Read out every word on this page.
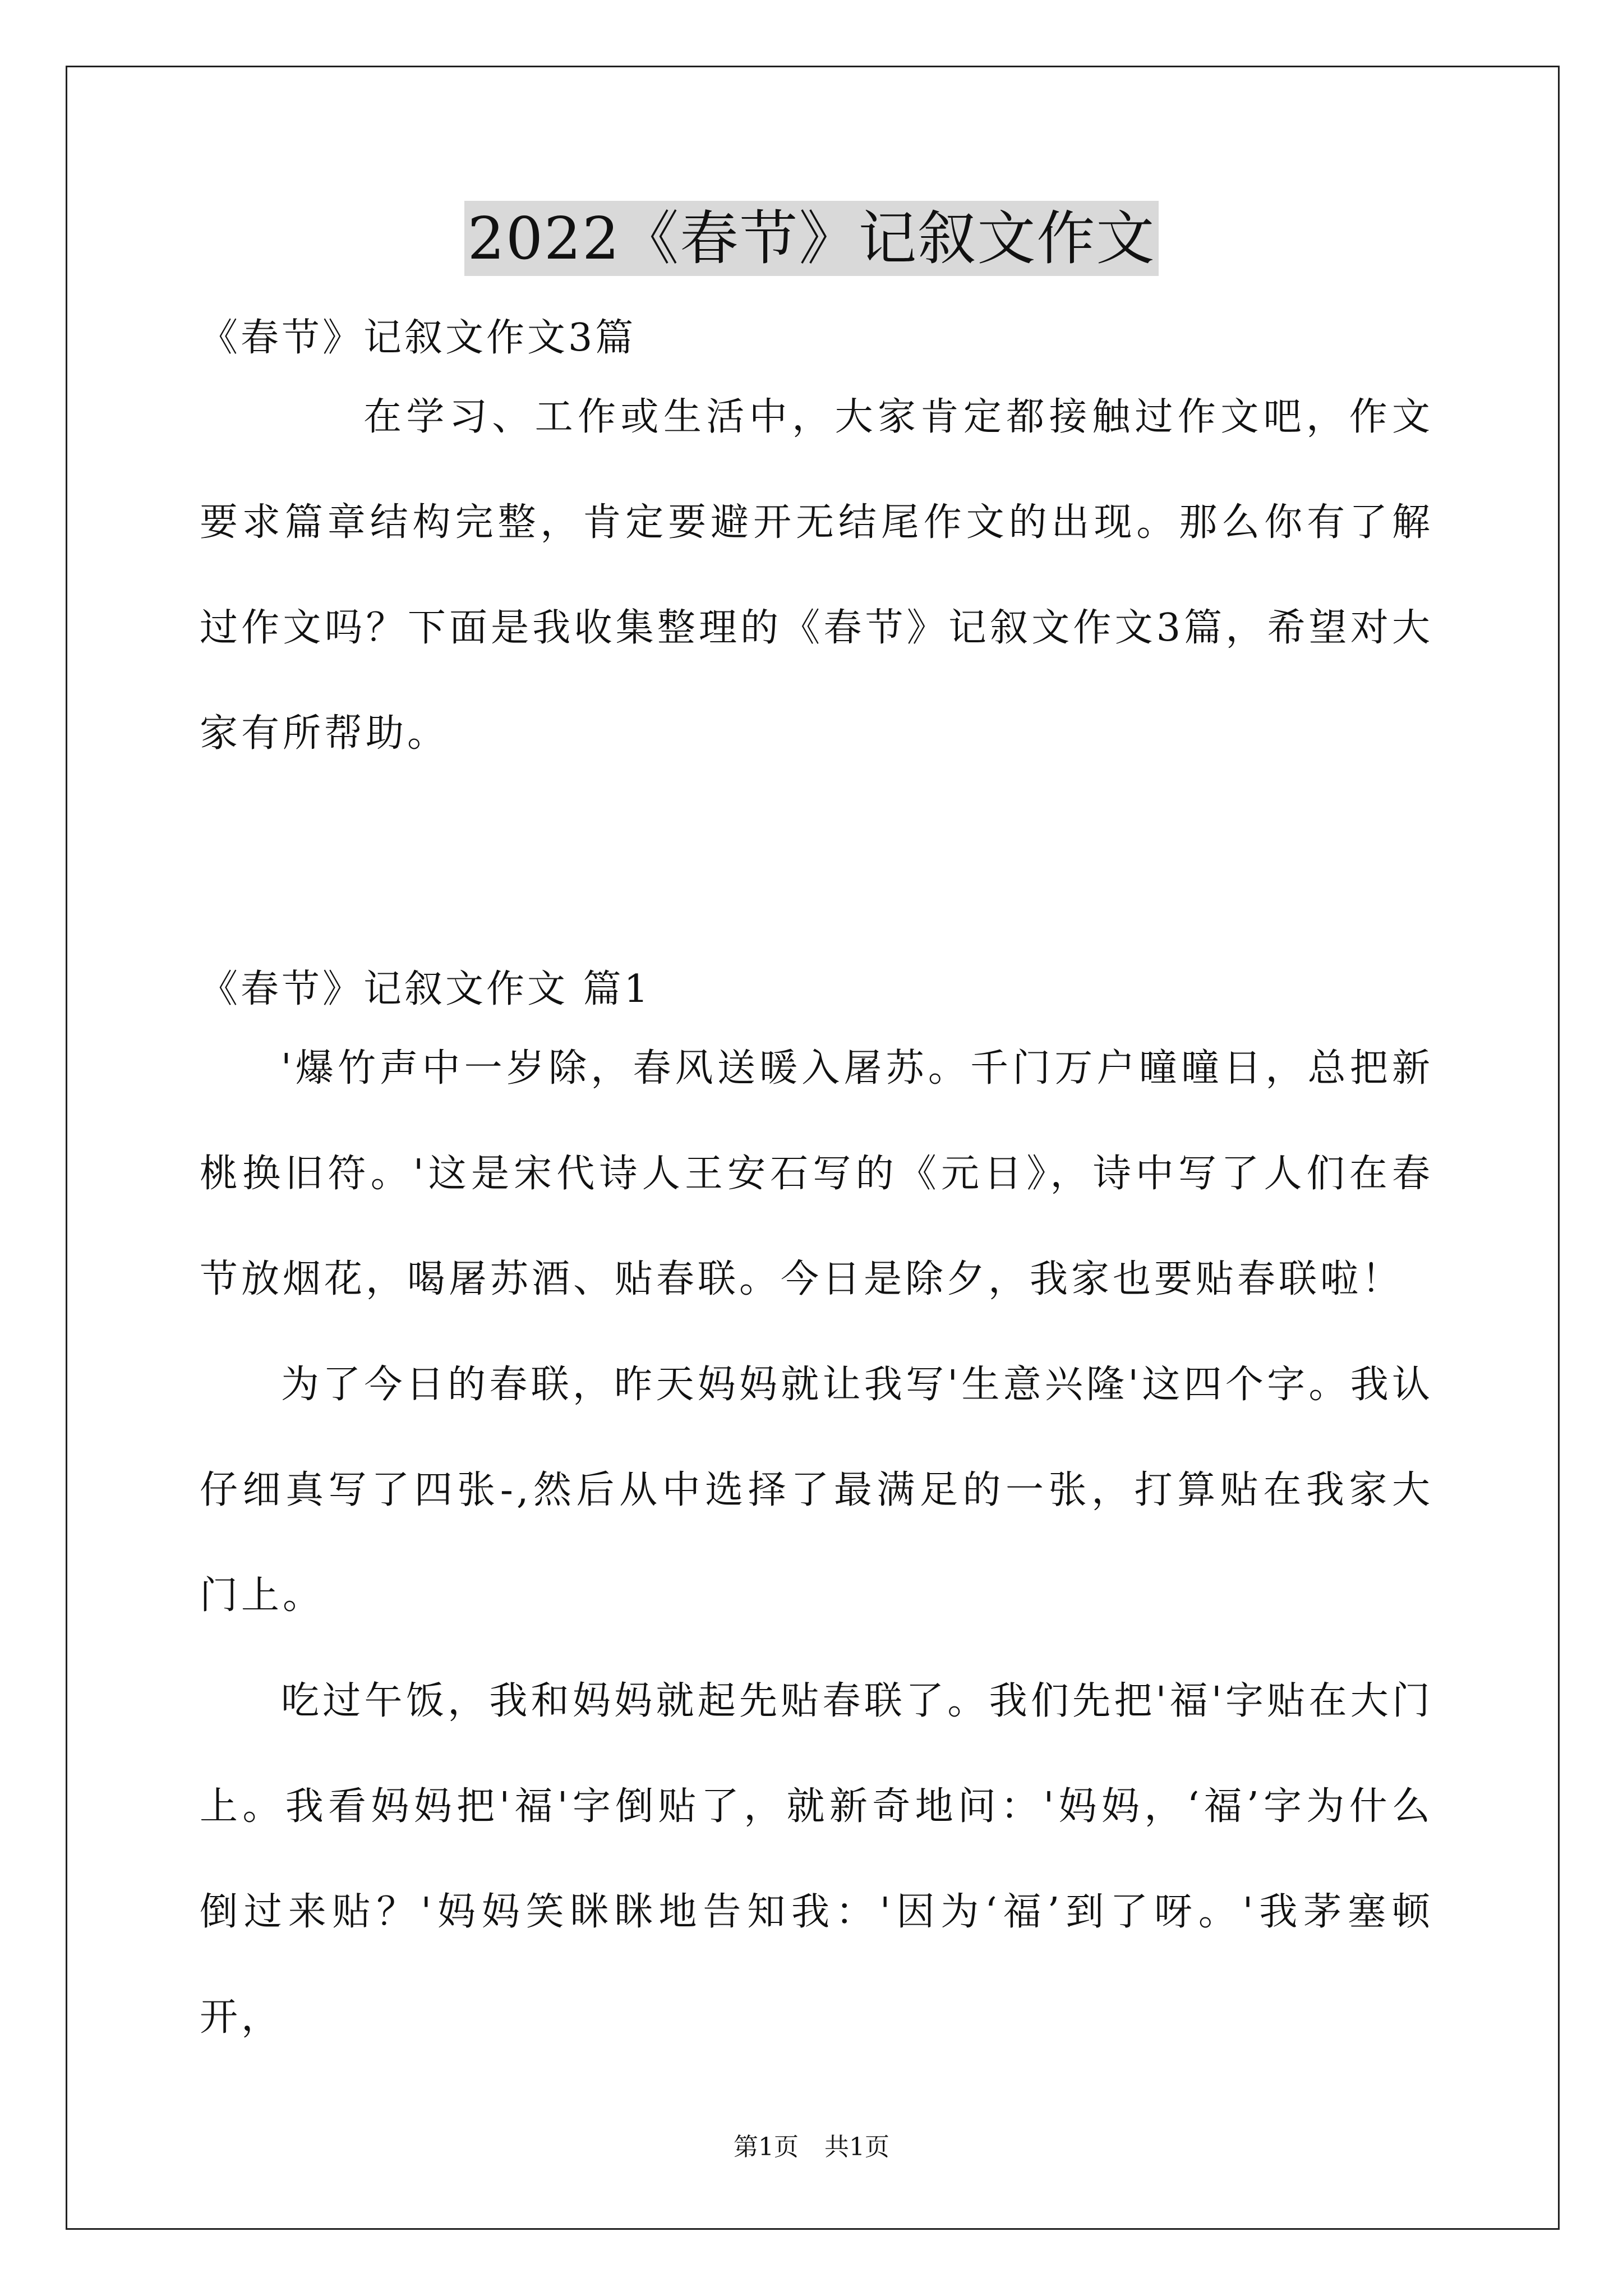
2022《春节》记叙文作文

《春节》记叙文作文3篇

在学习、工作或生活中，大家肯定都接触过作文吧，作文要求篇章结构完整，肯定要避开无结尾作文的出现。那么你有了解过作文吗？下面是我收集整理的《春节》记叙文作文3篇，希望对大家有所帮助。

《春节》记叙文作文 篇1

'爆竹声中一岁除，春风送暖入屠苏。千门万户曈曈日，总把新桃换旧符。'这是宋代诗人王安石写的《元日》，诗中写了人们在春节放烟花，喝屠苏酒、贴春联。今日是除夕，我家也要贴春联啦！

为了今日的春联，昨天妈妈就让我写'生意兴隆'这四个字。我认仔细真写了四张-,然后从中选择了最满足的一张，打算贴在我家大门上。

吃过午饭，我和妈妈就起先贴春联了。我们先把'福'字贴在大门上。我看妈妈把'福'字倒贴了，就新奇地问：'妈妈，‘福’字为什么倒过来贴？'妈妈笑眯眯地告知我：'因为‘福’到了呀。'我茅塞顿开，

第1页 共1页
